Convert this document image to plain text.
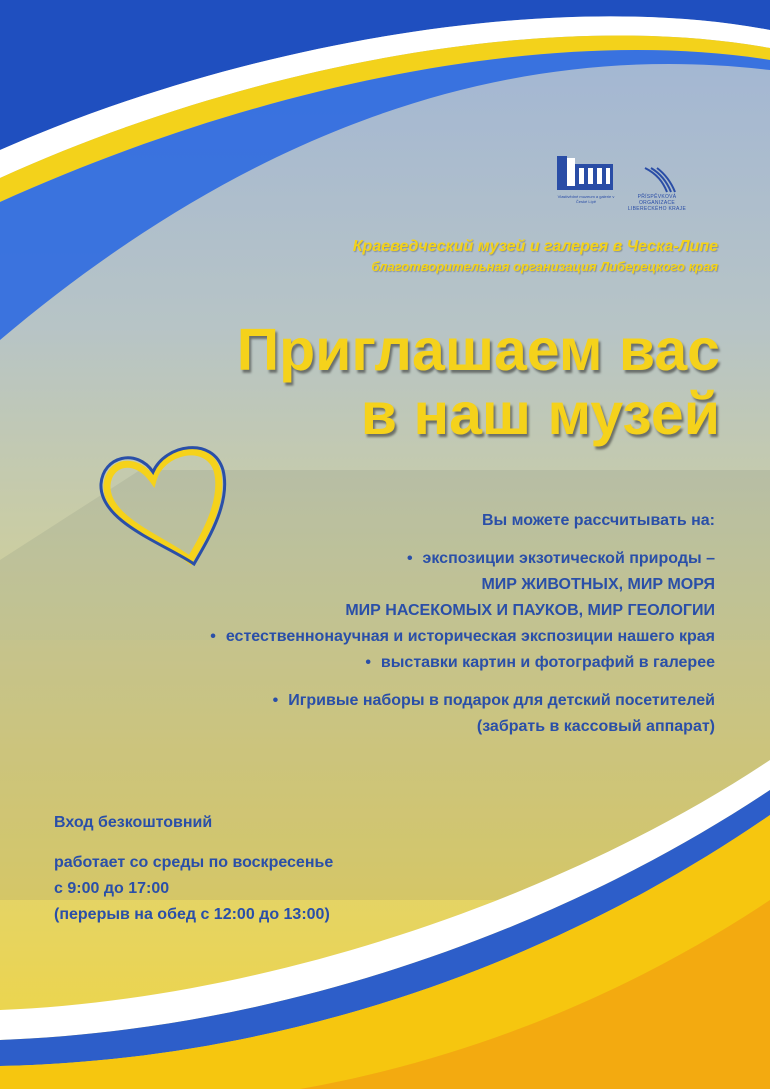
Vlastivědné muzeum a galerie v České Lípě
PŘÍSPĚVKOVÁ ORGANIZACE LIBERECKÉHO KRAJE
Краеведческий музей и галерея в Ческа-Липе
благотворительная организация Либерецкого края
Приглашаем вас
в наш музей
Вы можете рассчитывать на:
• экспозиции экзотической природы –
МИР ЖИВОТНЫХ, МИР МОРЯ
МИР НАСЕКОМЫХ И ПАУКОВ, МИР ГЕОЛОГИИ
• естественнонаучная и историческая экспозиции нашего края
• выставки картин и фотографий в галерее
• Игривые наборы в подарок для детский посетителей
(забрать в кассовый аппарат)
Вход безкоштовний
работает со среды по воскресенье
с 9:00 до 17:00
(перерыв на обед с 12:00 до 13:00)
